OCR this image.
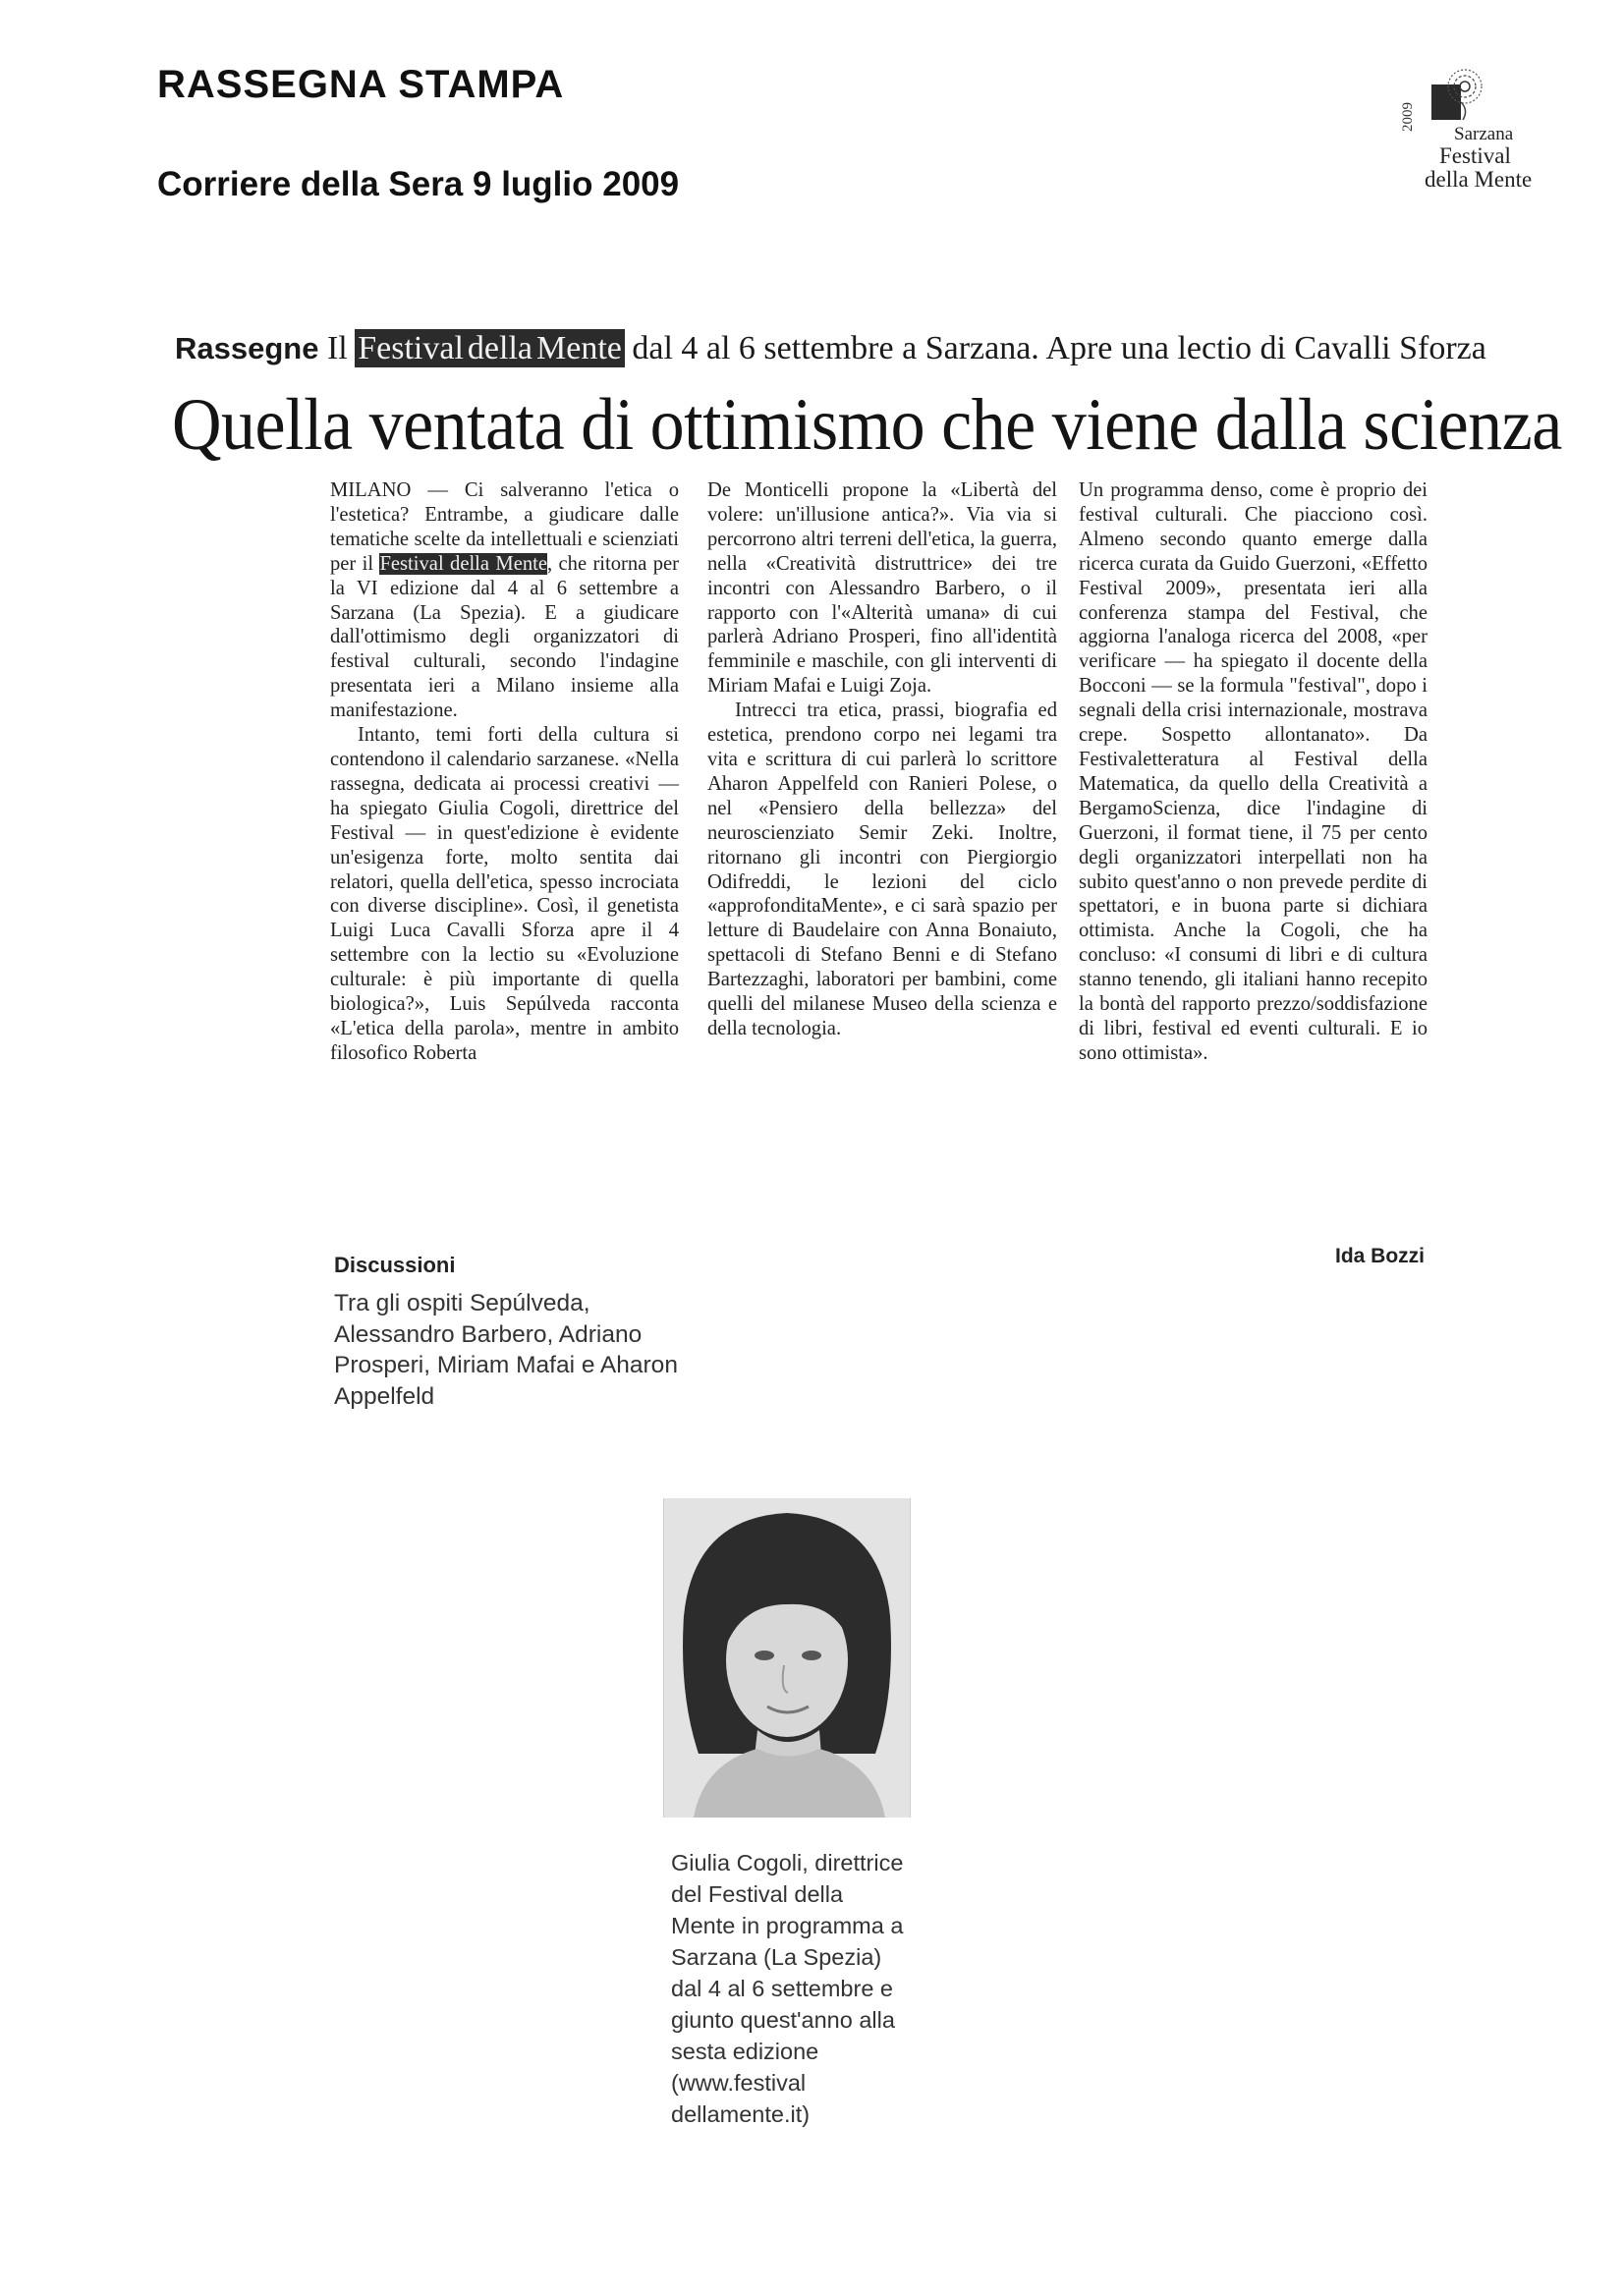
RASSEGNA STAMPA
Corriere della Sera 9 luglio 2009
2009
Sarzana
Festival
della Mente
Rassegne Il Festival della Mente dal 4 al 6 settembre a Sarzana. Apre una lectio di Cavalli Sforza
Quella ventata di ottimismo che viene dalla scienza

MILANO — Ci salveranno l'etica o l'estetica? Entrambe, a giudicare dalle tematiche scelte da intellettuali e scienziati per il Festival della Mente, che ritorna per la VI edizione dal 4 al 6 settembre a Sarzana (La Spezia). E a giudicare dall'ottimismo degli organizzatori di festival culturali, secondo l'indagine presentata ieri a Milano insieme alla manifestazione.

Intanto, temi forti della cultura si contendono il calendario sarzanese. «Nella rassegna, dedicata ai processi creativi — ha spiegato Giulia Cogoli, direttrice del Festival — in quest'edizione è evidente un'esigenza forte, molto sentita dai relatori, quella dell'etica, spesso incrociata con diverse discipline». Così, il genetista Luigi Luca Cavalli Sforza apre il 4 settembre con la lectio su «Evoluzione culturale: è più importante di quella biologica?», Luis Sepúlveda racconta «L'etica della parola», mentre in ambito filosofico Roberta

De Monticelli propone la «Libertà del volere: un'illusione antica?». Via via si percorrono altri terreni dell'etica, la guerra, nella «Creatività distruttrice» dei tre incontri con Alessandro Barbero, o il rapporto con l'«Alterità umana» di cui parlerà Adriano Prosperi, fino all'identità femminile e maschile, con gli interventi di Miriam Mafai e Luigi Zoja.

Intrecci tra etica, prassi, biografia ed estetica, prendono corpo nei legami tra vita e scrittura di cui parlerà lo scrittore Aharon Appelfeld con Ranieri Polese, o nel «Pensiero della bellezza» del neuroscienziato Semir Zeki. Inoltre, ritornano gli incontri con Piergiorgio Odifreddi, le lezioni del ciclo «approfonditaMente», e ci sarà spazio per letture di Baudelaire con Anna Bonaiuto, spettacoli di Stefano Benni e di Stefano Bartezzaghi, laboratori per bambini, come quelli del milanese Museo della scienza e della tecnologia.

Un programma denso, come è proprio dei festival culturali. Che piacciono così. Almeno secondo quanto emerge dalla ricerca curata da Guido Guerzoni, «Effetto Festival 2009», presentata ieri alla conferenza stampa del Festival, che aggiorna l'analoga ricerca del 2008, «per verificare — ha spiegato il docente della Bocconi — se la formula "festival", dopo i segnali della crisi internazionale, mostrava crepe. Sospetto allontanato». Da Festivaletteratura al Festival della Matematica, da quello della Creatività a BergamoScienza, dice l'indagine di Guerzoni, il format tiene, il 75 per cento degli organizzatori interpellati non ha subito quest'anno o non prevede perdite di spettatori, e in buona parte si dichiara ottimista. Anche la Cogoli, che ha concluso: «I consumi di libri e di cultura stanno tenendo, gli italiani hanno recepito la bontà del rapporto prezzo/soddisfazione di libri, festival ed eventi culturali. E io sono ottimista».

Ida Bozzi
Discussioni
Tra gli ospiti Sepúlveda, Alessandro Barbero, Adriano Prosperi, Miriam Mafai e Aharon Appelfeld
Giulia Cogoli, direttrice del Festival della Mente in programma a Sarzana (La Spezia) dal 4 al 6 settembre e giunto quest'anno alla sesta edizione (www.festival dellamente.it)
